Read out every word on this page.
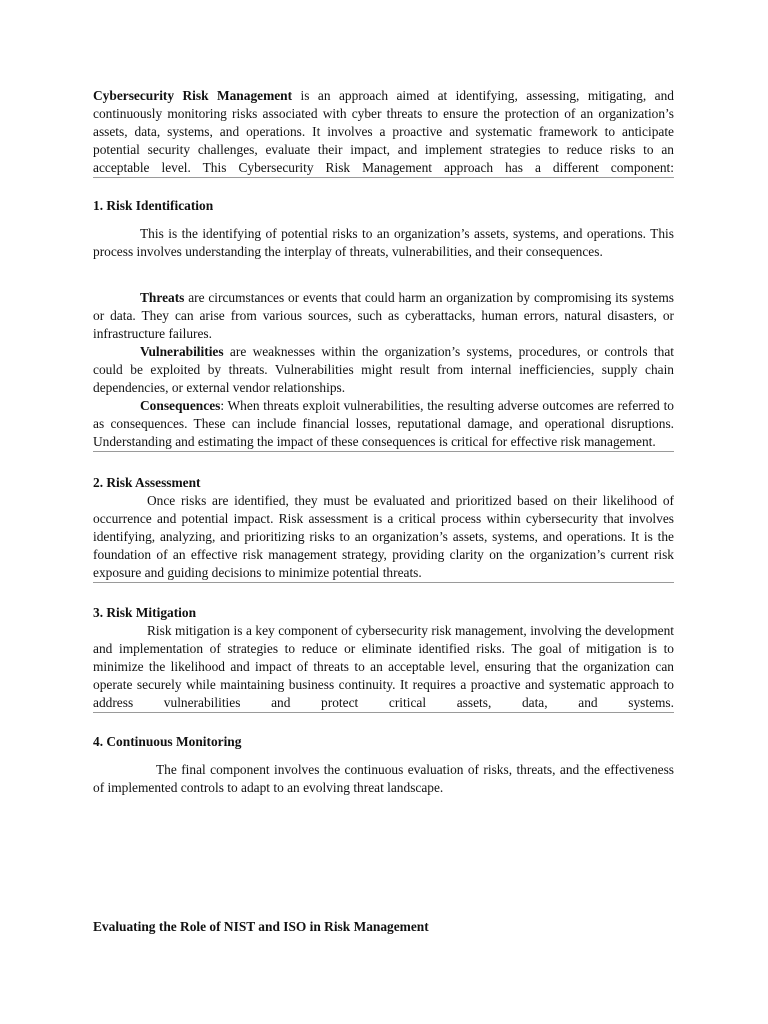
Cybersecurity Risk Management is an approach aimed at identifying, assessing, mitigating, and continuously monitoring risks associated with cyber threats to ensure the protection of an organization’s assets, data, systems, and operations. It involves a proactive and systematic framework to anticipate potential security challenges, evaluate their impact, and implement strategies to reduce risks to an acceptable level. This Cybersecurity Risk Management approach has a different component:

1. Risk Identification

This is the identifying of potential risks to an organization’s assets, systems, and operations. This process involves understanding the interplay of threats, vulnerabilities, and their consequences.

Threats are circumstances or events that could harm an organization by compromising its systems or data. They can arise from various sources, such as cyberattacks, human errors, natural disasters, or infrastructure failures.

Vulnerabilities are weaknesses within the organization’s systems, procedures, or controls that could be exploited by threats. Vulnerabilities might result from internal inefficiencies, supply chain dependencies, or external vendor relationships.

Consequences: When threats exploit vulnerabilities, the resulting adverse outcomes are referred to as consequences. These can include financial losses, reputational damage, and operational disruptions. Understanding and estimating the impact of these consequences is critical for effective risk management.

2. Risk Assessment

Once risks are identified, they must be evaluated and prioritized based on their likelihood of occurrence and potential impact. Risk assessment is a critical process within cybersecurity that involves identifying, analyzing, and prioritizing risks to an organization’s assets, systems, and operations. It is the foundation of an effective risk management strategy, providing clarity on the organization’s current risk exposure and guiding decisions to minimize potential threats.

3. Risk Mitigation

Risk mitigation is a key component of cybersecurity risk management, involving the development and implementation of strategies to reduce or eliminate identified risks. The goal of mitigation is to minimize the likelihood and impact of threats to an acceptable level, ensuring that the organization can operate securely while maintaining business continuity. It requires a proactive and systematic approach to address vulnerabilities and protect critical assets, data, and systems.

4. Continuous Monitoring

The final component involves the continuous evaluation of risks, threats, and the effectiveness of implemented controls to adapt to an evolving threat landscape.

Evaluating the Role of NIST and ISO in Risk Management
